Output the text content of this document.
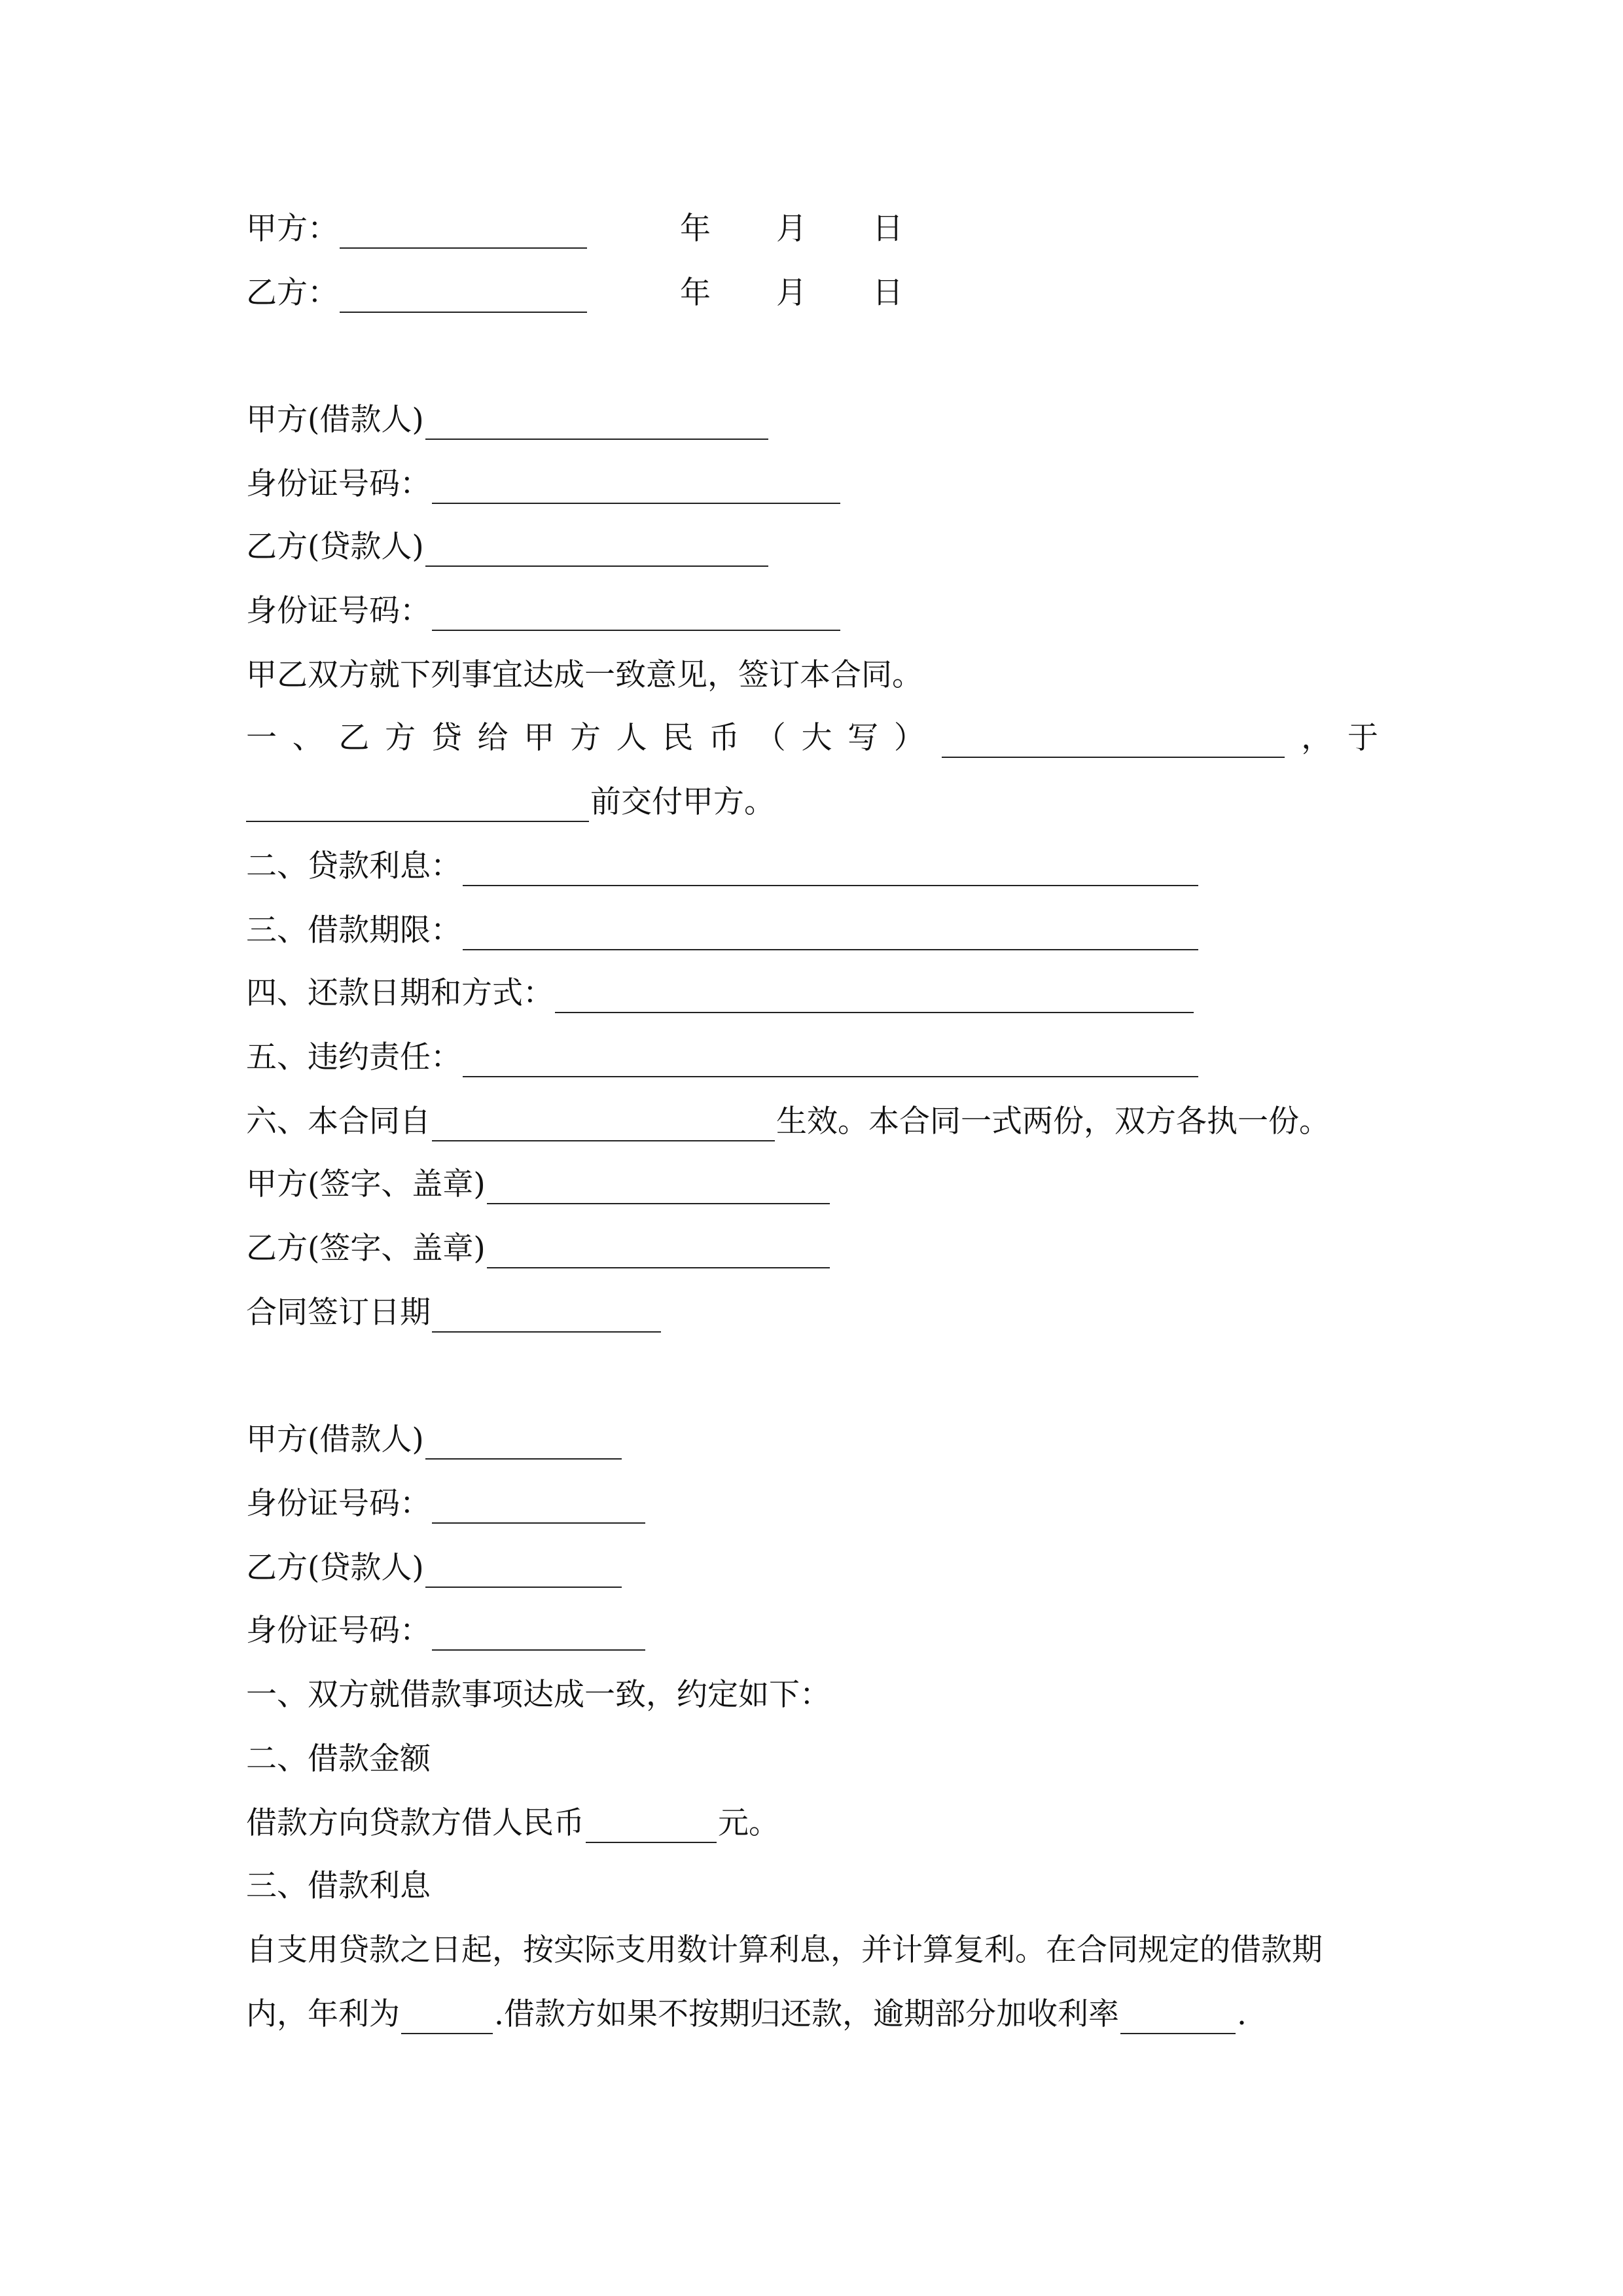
甲方：	年 月 日
乙方：	年 月 日
甲方(借款人)
身份证号码：
乙方(贷款人)
身份证号码：
甲乙双方就下列事宜达成一致意见，签订本合同。
一 、 乙 方 贷 给 甲 方 人 民 币 （ 大 写 ）	， 于
前交付甲方。
二、贷款利息：
三、借款期限：
四、还款日期和方式：
五、违约责任：
六、本合同自	生效。本合同一式两份，双方各执一份。
甲方(签字、盖章)
乙方(签字、盖章)
合同签订日期
甲方(借款人)
身份证号码：
乙方(贷款人)
身份证号码：
一、双方就借款事项达成一致，约定如下：
二、借款金额
借款方向贷款方借人民币	元。
三、借款利息
自支用贷款之日起，按实际支用数计算利息，并计算复利。在合同规定的借款期
内，年利为	.借款方如果不按期归还款，逾期部分加收利率	.
